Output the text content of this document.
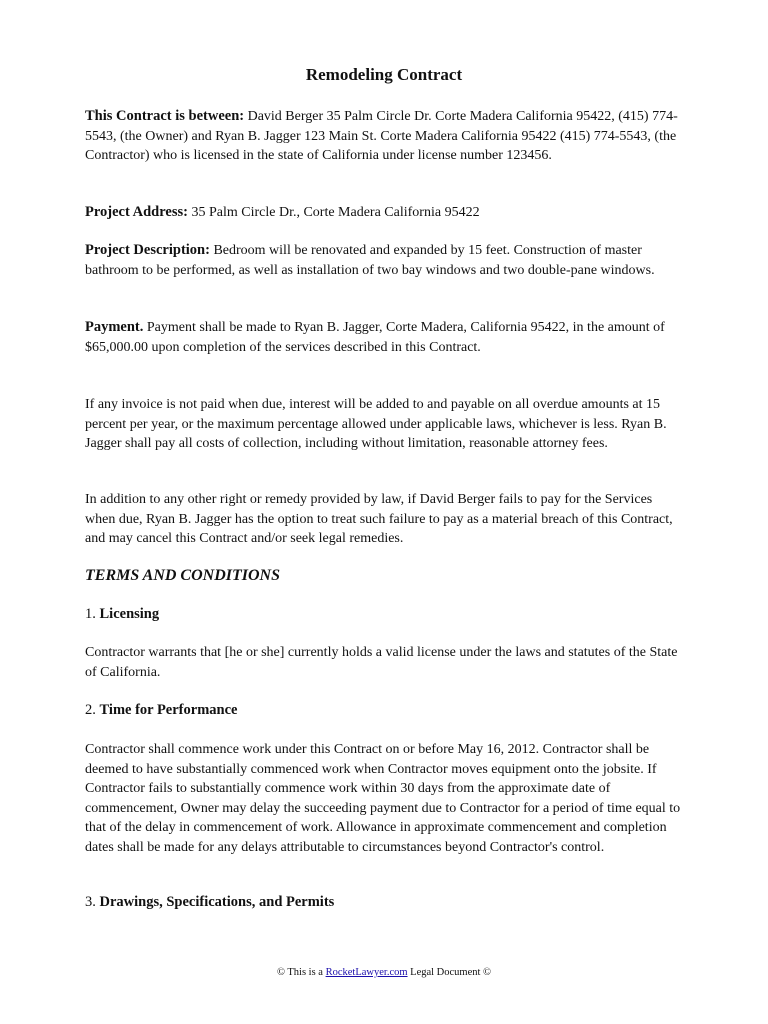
Remodeling Contract

This Contract is between: David Berger 35 Palm Circle Dr. Corte Madera California 95422, (415) 774-5543, (the Owner) and Ryan B. Jagger 123 Main St. Corte Madera California 95422 (415) 774-5543, (the Contractor) who is licensed in the state of California under license number 123456.

Project Address: 35 Palm Circle Dr., Corte Madera California 95422

Project Description: Bedroom will be renovated and expanded by 15 feet. Construction of master bathroom to be performed, as well as installation of two bay windows and two double-pane windows.

Payment. Payment shall be made to Ryan B. Jagger, Corte Madera, California 95422, in the amount of $65,000.00 upon completion of the services described in this Contract.

If any invoice is not paid when due, interest will be added to and payable on all overdue amounts at 15 percent per year, or the maximum percentage allowed under applicable laws, whichever is less. Ryan B. Jagger shall pay all costs of collection, including without limitation, reasonable attorney fees.

In addition to any other right or remedy provided by law, if David Berger fails to pay for the Services when due, Ryan B. Jagger has the option to treat such failure to pay as a material breach of this Contract, and may cancel this Contract and/or seek legal remedies.

TERMS AND CONDITIONS
1. Licensing

Contractor warrants that [he or she] currently holds a valid license under the laws and statutes of the State of California.

2. Time for Performance

Contractor shall commence work under this Contract on or before May 16, 2012. Contractor shall be deemed to have substantially commenced work when Contractor moves equipment onto the jobsite. If Contractor fails to substantially commence work within 30 days from the approximate date of commencement, Owner may delay the succeeding payment due to Contractor for a period of time equal to that of the delay in commencement of work. Allowance in approximate commencement and completion dates shall be made for any delays attributable to circumstances beyond Contractor's control.

3. Drawings, Specifications, and Permits
© This is a RocketLawyer.com Legal Document ©
